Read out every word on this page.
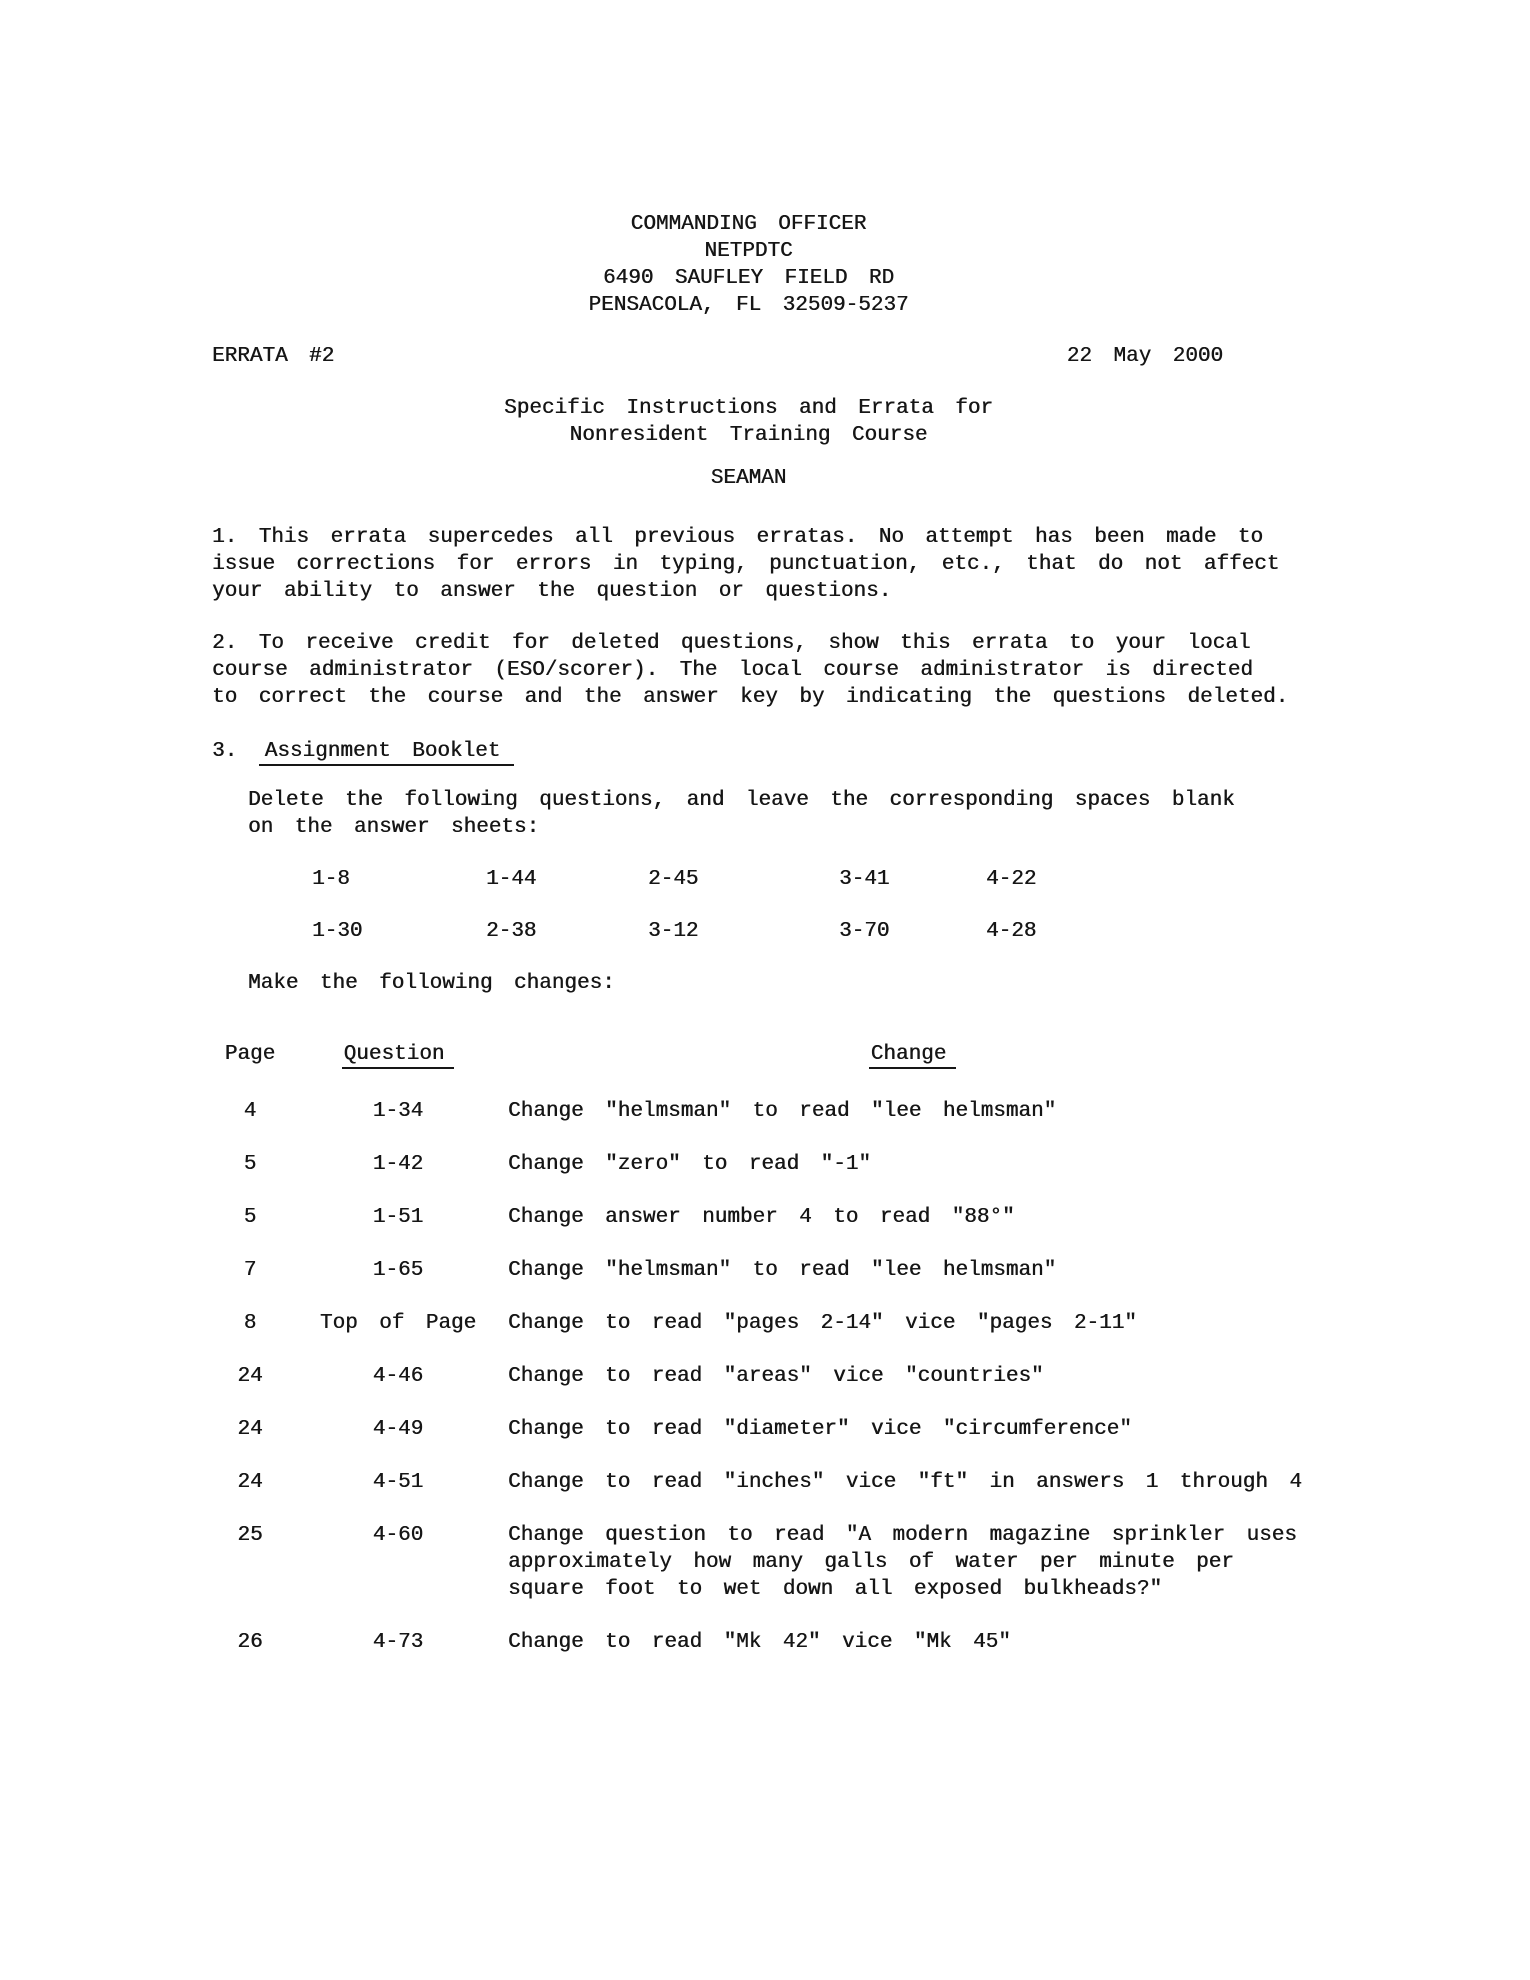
COMMANDING OFFICER
NETPDTC
6490 SAUFLEY FIELD RD
PENSACOLA, FL 32509-5237
ERRATA #2	22 May 2000
Specific Instructions and Errata for
Nonresident Training Course
SEAMAN
1. This errata supercedes all previous erratas. No attempt has been made to
issue corrections for errors in typing, punctuation, etc., that do not affect
your ability to answer the question or questions.
2. To receive credit for deleted questions, show this errata to your local
course administrator (ESO/scorer). The local course administrator is directed
to correct the course and the answer key by indicating the questions deleted.
3. Assignment Booklet
Delete the following questions, and leave the corresponding spaces blank
on the answer sheets:
1-8	1-44	2-45	3-41	4-22
1-30	2-38	3-12	3-70	4-28
Make the following changes:
Page	Question	Change
4	1-34	Change "helmsman" to read "lee helmsman"
5	1-42	Change "zero" to read "-1"
5	1-51	Change answer number 4 to read "88°"
7	1-65	Change "helmsman" to read "lee helmsman"
8	Top of Page	Change to read "pages 2-14" vice "pages 2-11"
24	4-46	Change to read "areas" vice "countries"
24	4-49	Change to read "diameter" vice "circumference"
24	4-51	Change to read "inches" vice "ft" in answers 1 through 4
25	4-60	Change question to read "A modern magazine sprinkler uses
approximately how many galls of water per minute per
square foot to wet down all exposed bulkheads?"
26	4-73	Change to read "Mk 42" vice "Mk 45"
